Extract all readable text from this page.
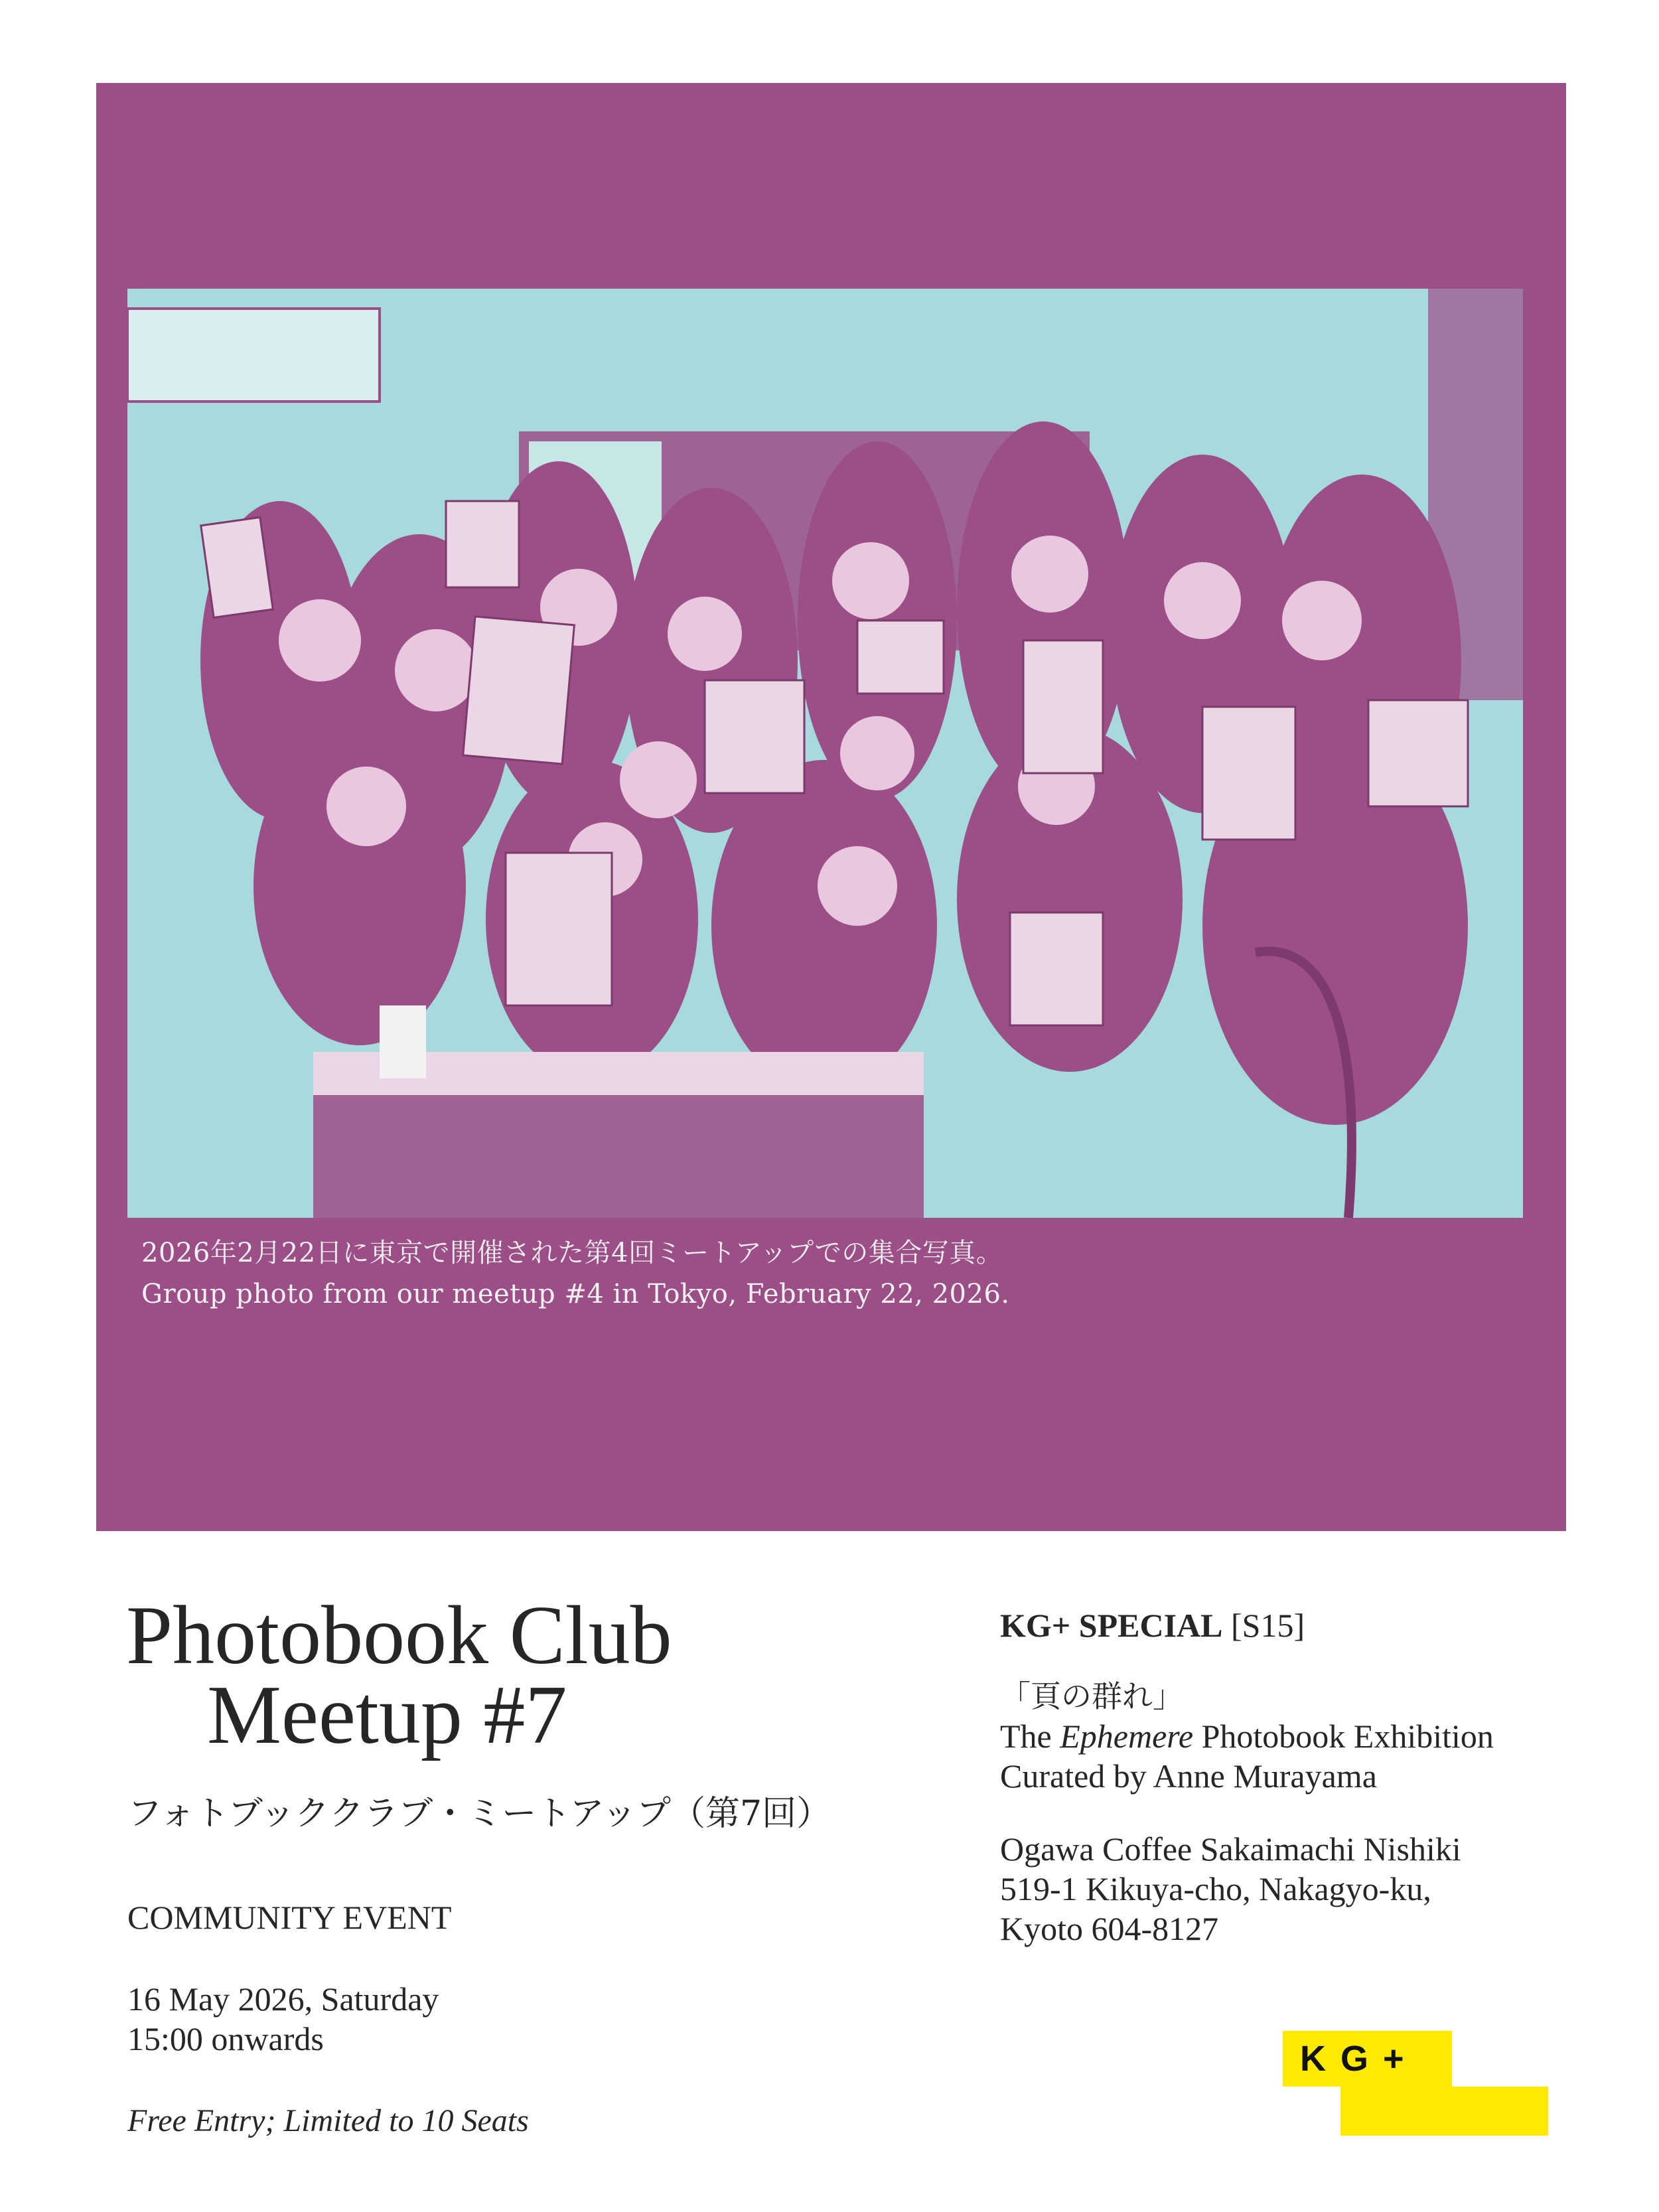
2026年2月22日に東京で開催された第4回ミートアップでの集合写真。
Group photo from our meetup #4 in Tokyo, February 22, 2026.
Photobook Club
Meetup #7
フォトブッククラブ・ミートアップ（第7回）
COMMUNITY EVENT
16 May 2026, Saturday
15:00 onwards
Free Entry; Limited to 10 Seats
KG+ SPECIAL [S15]
「頁の群れ」
The Ephemere Photobook Exhibition
Curated by Anne Murayama
Ogawa Coffee Sakaimachi Nishiki
519-1 Kikuya-cho, Nakagyo-ku,
Kyoto 604-8127
KG+
